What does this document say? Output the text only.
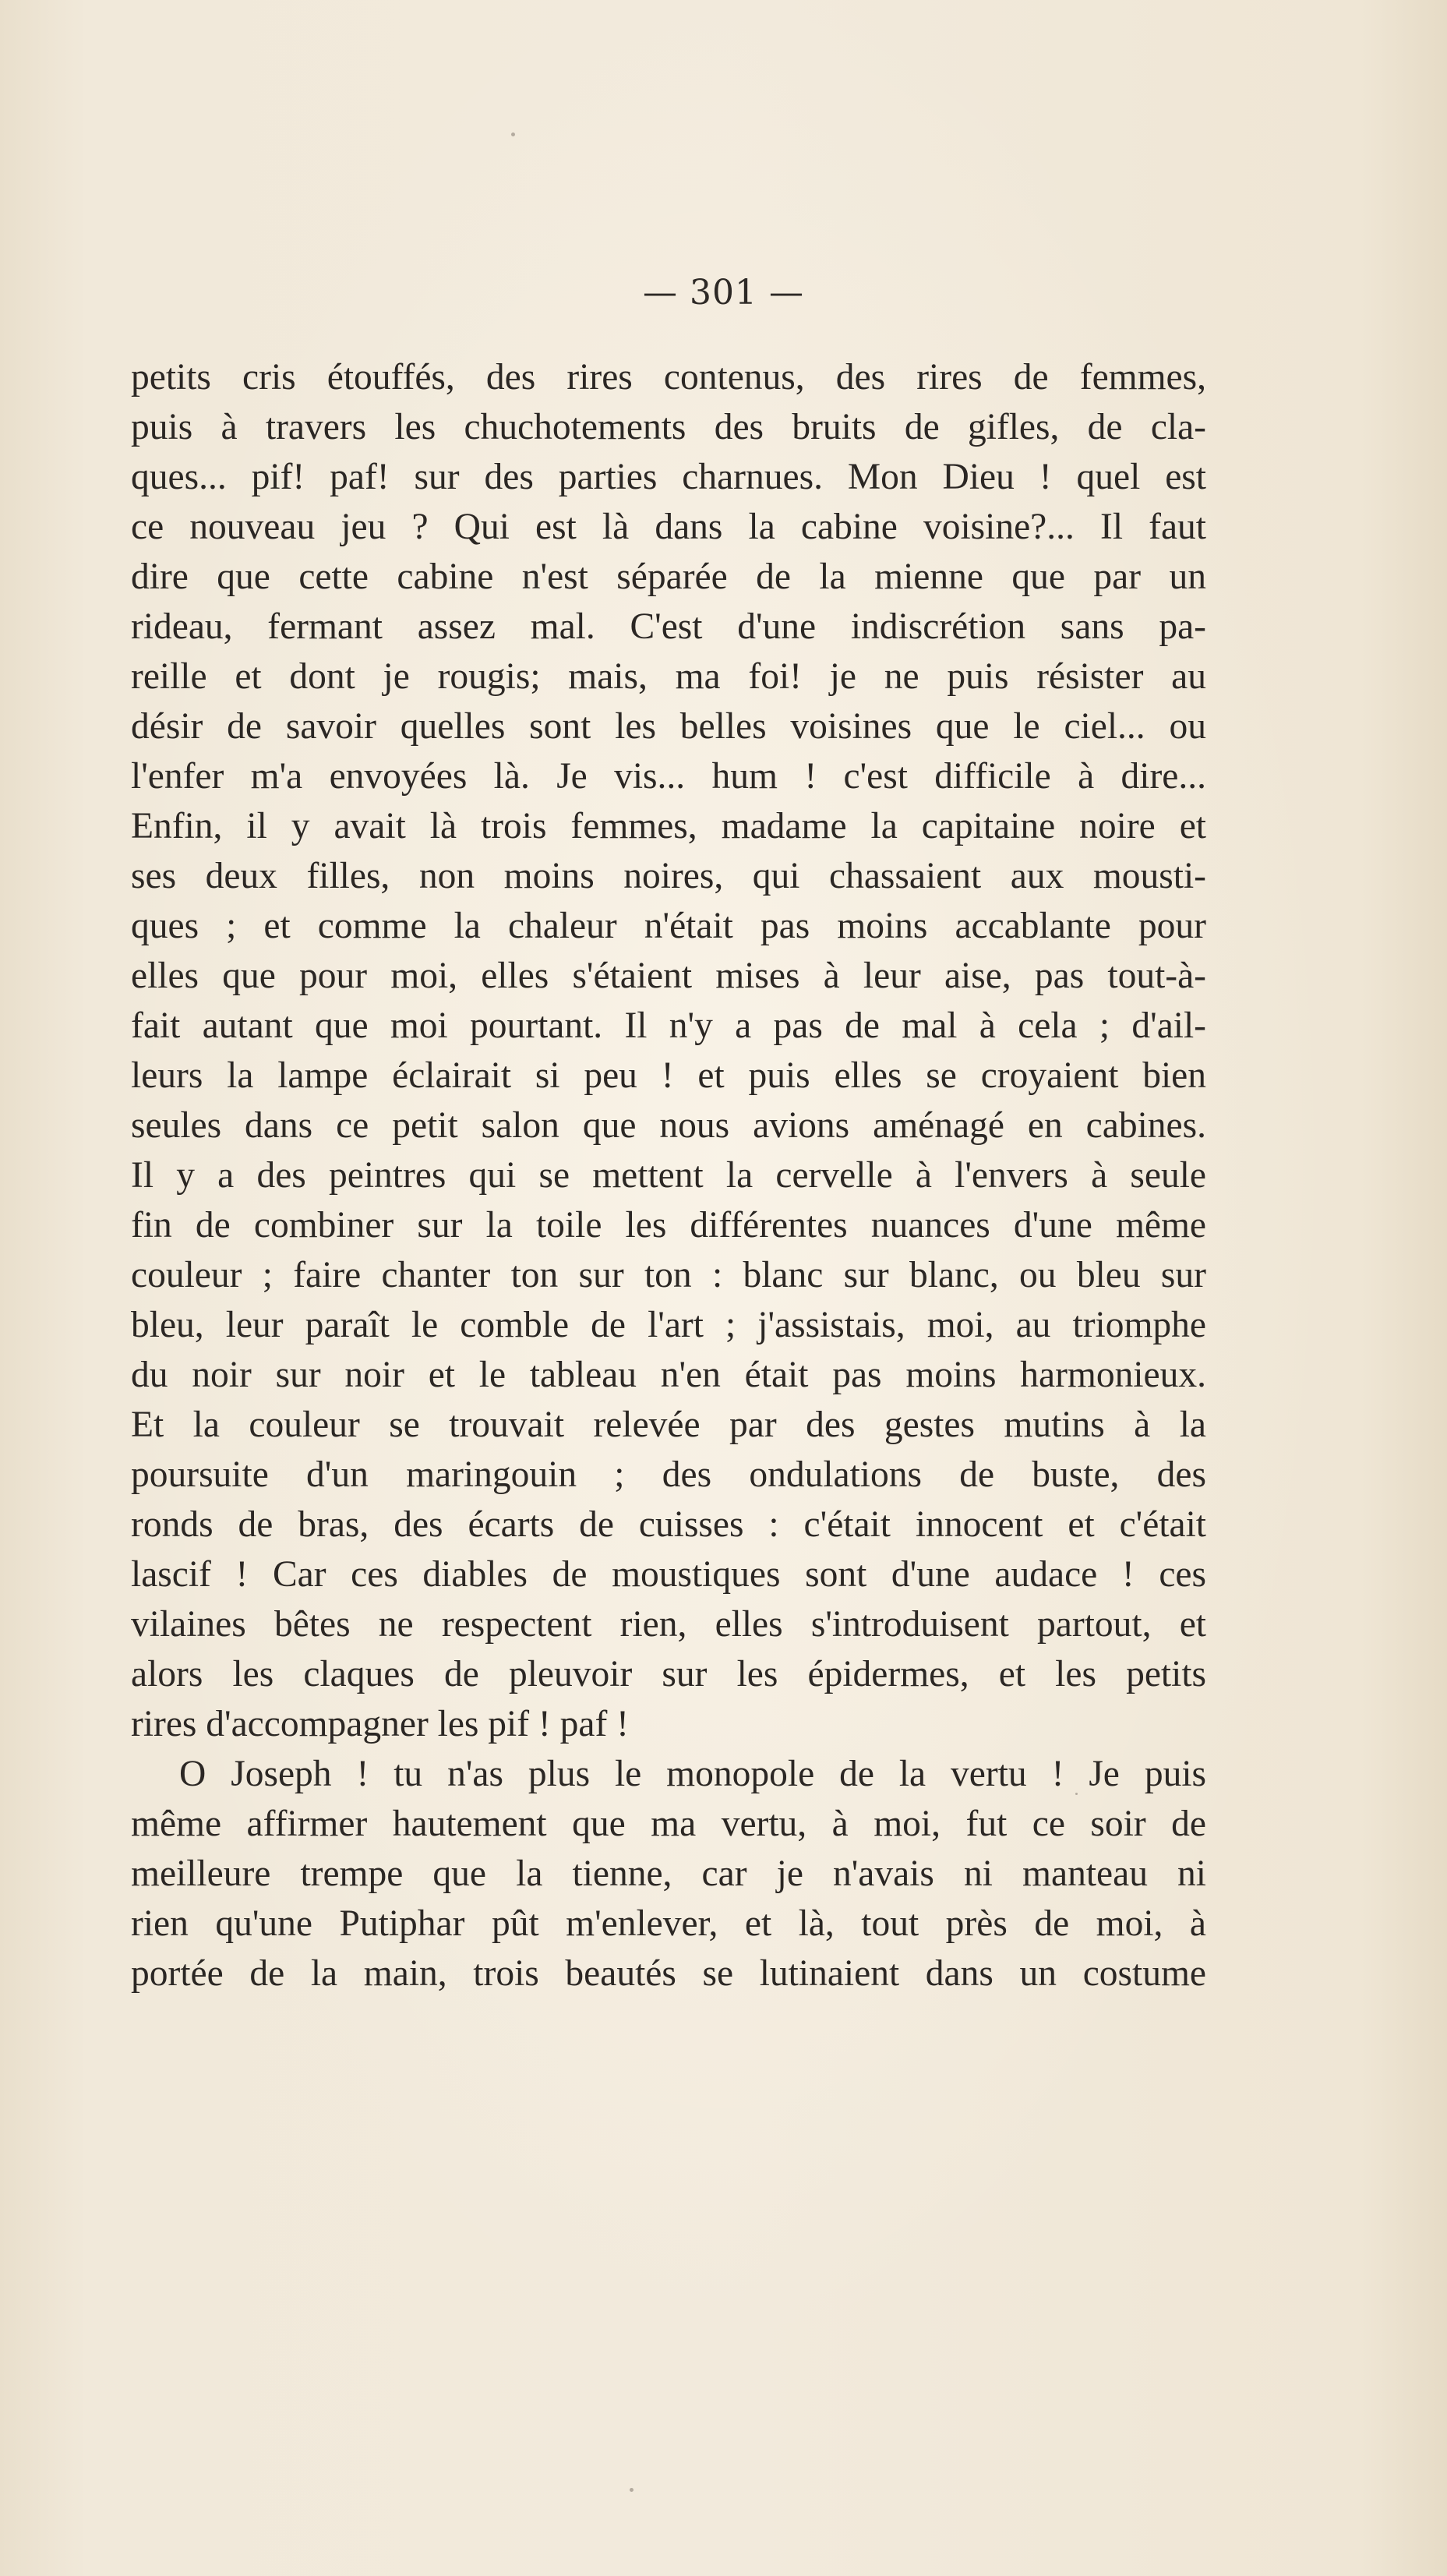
— 301 —
petits cris étouffés, des rires contenus, des rires de femmes,
puis à travers les chuchotements des bruits de gifles, de cla-
ques... pif! paf! sur des parties charnues. Mon Dieu ! quel est
ce nouveau jeu ? Qui est là dans la cabine voisine?... Il faut
dire que cette cabine n'est séparée de la mienne que par un
rideau, fermant assez mal. C'est d'une indiscrétion sans pa-
reille et dont je rougis; mais, ma foi! je ne puis résister au
désir de savoir quelles sont les belles voisines que le ciel... ou
l'enfer m'a envoyées là. Je vis... hum ! c'est difficile à dire...
Enfin, il y avait là trois femmes, madame la capitaine noire et
ses deux filles, non moins noires, qui chassaient aux mousti-
ques ; et comme la chaleur n'était pas moins accablante pour
elles que pour moi, elles s'étaient mises à leur aise, pas tout-à-
fait autant que moi pourtant. Il n'y a pas de mal à cela ; d'ail-
leurs la lampe éclairait si peu ! et puis elles se croyaient bien
seules dans ce petit salon que nous avions aménagé en cabines.
Il y a des peintres qui se mettent la cervelle à l'envers à seule
fin de combiner sur la toile les différentes nuances d'une même
couleur ; faire chanter ton sur ton : blanc sur blanc, ou bleu sur
bleu, leur paraît le comble de l'art ; j'assistais, moi, au triomphe
du noir sur noir et le tableau n'en était pas moins harmonieux.
Et la couleur se trouvait relevée par des gestes mutins à la
poursuite d'un maringouin ; des ondulations de buste, des
ronds de bras, des écarts de cuisses : c'était innocent et c'était
lascif ! Car ces diables de moustiques sont d'une audace ! ces
vilaines bêtes ne respectent rien, elles s'introduisent partout, et
alors les claques de pleuvoir sur les épidermes, et les petits
rires d'accompagner les pif ! paf !
O Joseph ! tu n'as plus le monopole de la vertu ! Je puis
même affirmer hautement que ma vertu, à moi, fut ce soir de
meilleure trempe que la tienne, car je n'avais ni manteau ni
rien qu'une Putiphar pût m'enlever, et là, tout près de moi, à
portée de la main, trois beautés se lutinaient dans un costume
